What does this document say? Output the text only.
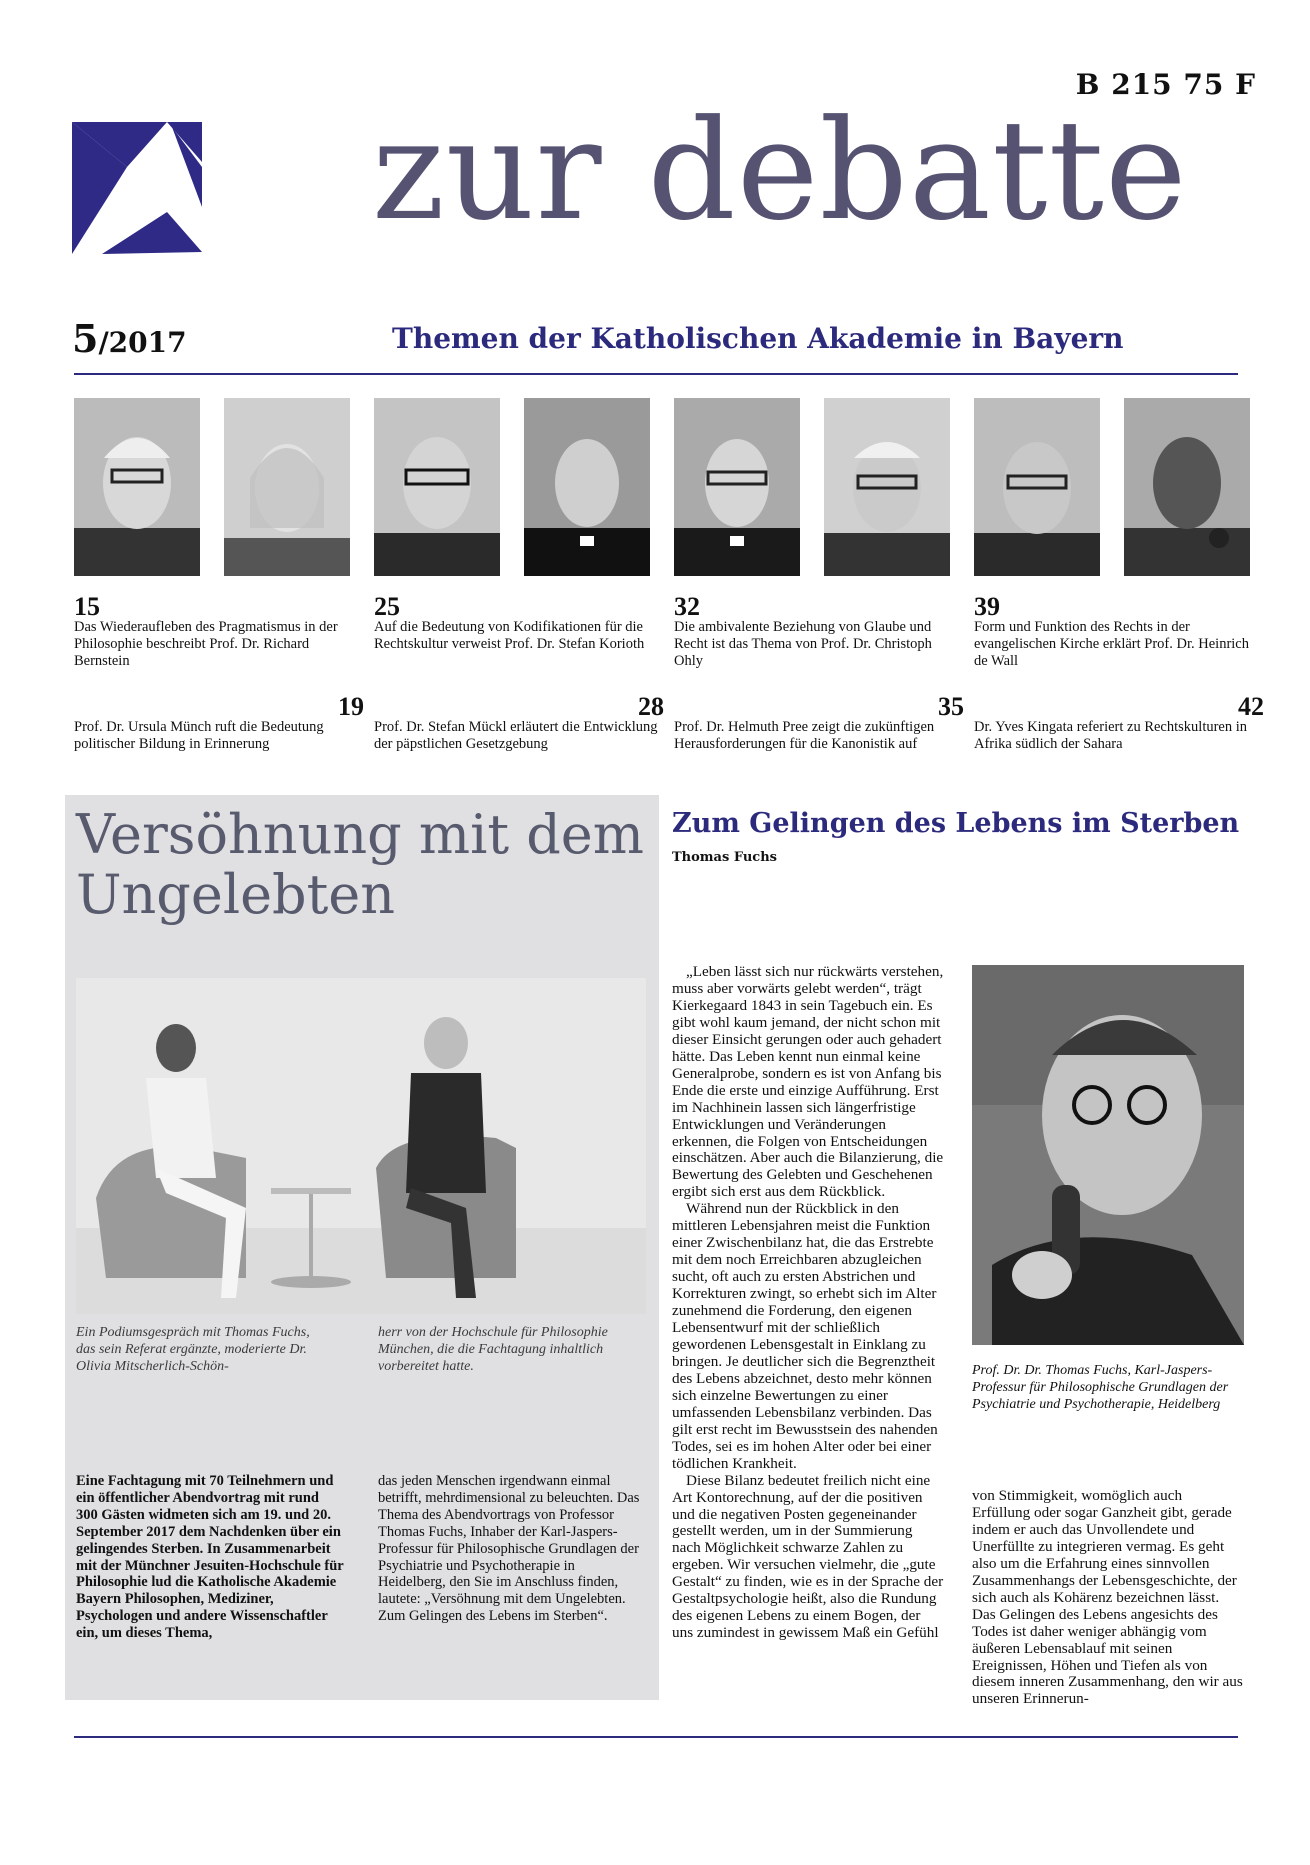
B 215 75 F
zur debatte
5/2017	Themen der Katholischen Akademie in Bayern
15
Das Wiederaufleben des Pragmatismus in der Philosophie beschreibt Prof. Dr. Richard Bernstein
25
Auf die Bedeutung von Kodifikationen für die Rechtskultur verweist Prof. Dr. Stefan Korioth
32
Die ambivalente Beziehung von Glaube und Recht ist das Thema von Prof. Dr. Christoph Ohly
39
Form und Funktion des Rechts in der evangelischen Kirche erklärt Prof. Dr. Heinrich de Wall
19
Prof. Dr. Ursula Münch ruft die Bedeutung politischer Bildung in Erinnerung
28
Prof. Dr. Stefan Mückl erläutert die Entwicklung der päpstlichen Gesetzgebung
35
Prof. Dr. Helmuth Pree zeigt die zukünftigen Herausforderungen für die Kanonistik auf
42
Dr. Yves Kingata referiert zu Rechtskulturen in Afrika südlich der Sahara
Versöhnung mit dem Ungelebten
Ein Podiumsgespräch mit Thomas Fuchs, das sein Referat ergänzte, moderierte Dr. Olivia Mitscherlich-Schön-
herr von der Hochschule für Philosophie München, die die Fachtagung inhaltlich vorbereitet hatte.
Eine Fachtagung mit 70 Teilnehmern und ein öffentlicher Abendvortrag mit rund 300 Gästen widmeten sich am 19. und 20. September 2017 dem Nachdenken über ein gelingendes Sterben. In Zusammenarbeit mit der Münchner Jesuiten-Hochschule für Philosophie lud die Katholische Akademie Bayern Philosophen, Mediziner, Psychologen und andere Wissenschaftler ein, um dieses Thema,
das jeden Menschen irgendwann einmal betrifft, mehrdimensional zu beleuchten. Das Thema des Abendvortrags von Professor Thomas Fuchs, Inhaber der Karl-Jaspers-Professur für Philosophische Grundlagen der Psychiatrie und Psychotherapie in Heidelberg, den Sie im Anschluss finden, lautete: „Versöhnung mit dem Ungelebten. Zum Gelingen des Lebens im Sterben“.
Zum Gelingen des Lebens im Sterben
Thomas Fuchs

„Leben lässt sich nur rückwärts verstehen, muss aber vorwärts gelebt werden“, trägt Kierkegaard 1843 in sein Tagebuch ein. Es gibt wohl kaum jemand, der nicht schon mit dieser Einsicht gerungen oder auch gehadert hätte. Das Leben kennt nun einmal keine Generalprobe, sondern es ist von Anfang bis Ende die erste und einzige Aufführung. Erst im Nachhinein lassen sich längerfristige Entwicklungen und Veränderungen erkennen, die Folgen von Entscheidungen einschätzen. Aber auch die Bilanzierung, die Bewertung des Gelebten und Geschehenen ergibt sich erst aus dem Rückblick.

Während nun der Rückblick in den mittleren Lebensjahren meist die Funktion einer Zwischenbilanz hat, die das Erstrebte mit dem noch Erreichbaren abzugleichen sucht, oft auch zu ersten Abstrichen und Korrekturen zwingt, so erhebt sich im Alter zunehmend die Forderung, den eigenen Lebensentwurf mit der schließlich gewordenen Lebensgestalt in Einklang zu bringen. Je deutlicher sich die Begrenztheit des Lebens abzeichnet, desto mehr können sich einzelne Bewertungen zu einer umfassenden Lebensbilanz verbinden. Das gilt erst recht im Bewusstsein des nahenden Todes, sei es im hohen Alter oder bei einer tödlichen Krankheit.

Diese Bilanz bedeutet freilich nicht eine Art Kontorechnung, auf der die positiven und die negativen Posten gegeneinander gestellt werden, um in der Summierung nach Möglichkeit schwarze Zahlen zu ergeben. Wir versuchen vielmehr, die „gute Gestalt“ zu finden, wie es in der Sprache der Gestaltpsychologie heißt, also die Rundung des eigenen Lebens zu einem Bogen, der uns zumindest in gewissem Maß ein Gefühl

Prof. Dr. Dr. Thomas Fuchs, Karl-Jaspers-Professur für Philosophische Grundlagen der Psychiatrie und Psychotherapie, Heidelberg
von Stimmigkeit, womöglich auch Erfüllung oder sogar Ganzheit gibt, gerade indem er auch das Unvollendete und Unerfüllte zu integrieren vermag. Es geht also um die Erfahrung eines sinnvollen Zusammenhangs der Lebensgeschichte, der sich auch als Kohärenz bezeichnen lässt. Das Gelingen des Lebens angesichts des Todes ist daher weniger abhängig vom äußeren Lebensablauf mit seinen Ereignissen, Höhen und Tiefen als von diesem inneren Zusammenhang, den wir aus unseren Erinnerun-
